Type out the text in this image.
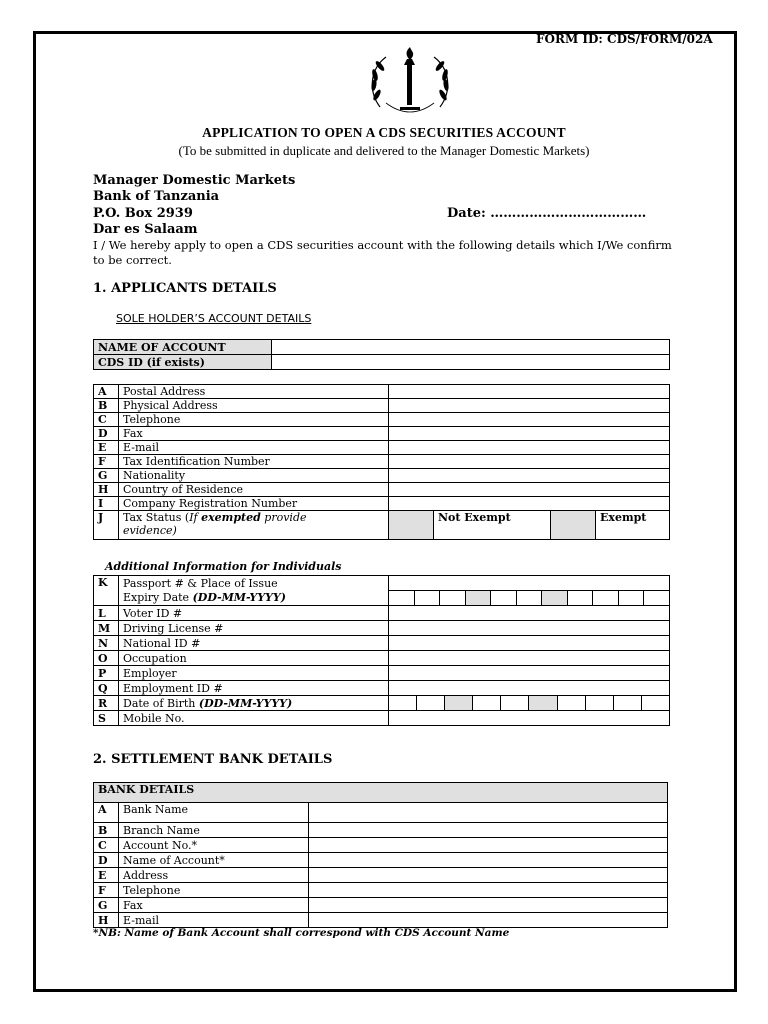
FORM ID: CDS/FORM/02A
APPLICATION TO OPEN A CDS SECURITIES ACCOUNT
(To be submitted in duplicate and delivered to the Manager Domestic Markets)
Manager Domestic Markets
Bank of Tanzania
P.O. Box 2939
Dar es Salaam
Date: ………………………………
I / We hereby apply to open a CDS securities account with the following details which I/We confirm to be correct.
1. APPLICANTS DETAILS
SOLE HOLDER’S ACCOUNT DETAILS
NAME OF ACCOUNT	
CDS ID (if exists)	
A	Postal Address				
B	Physical Address				
C	Telephone				
D	Fax				
E	E-mail				
F	Tax Identification Number				
G	Nationality				
H	Country of Residence				
I	Company Registration Number				
J	Tax Status (If exempted provide
evidence)		Not Exempt		Exempt
Additional Information for Individuals
K	Passport # & Place of Issue	
	Expiry Date (DD-MM-YYYY)	

L	Voter ID #	
M	Driving License #	
N	National ID #	
O	Occupation	
P	Employer	
Q	Employment ID #	
R	Date of Birth (DD-MM-YYYY)	

S	Mobile No.	
2. SETTLEMENT BANK DETAILS
BANK DETAILS		
A	Bank Name	
B	Branch Name	
C	Account No.*	
D	Name of Account*	
E	Address	
F	Telephone	
G	Fax	
H	E-mail	
*NB: Name of Bank Account shall correspond with CDS Account Name
